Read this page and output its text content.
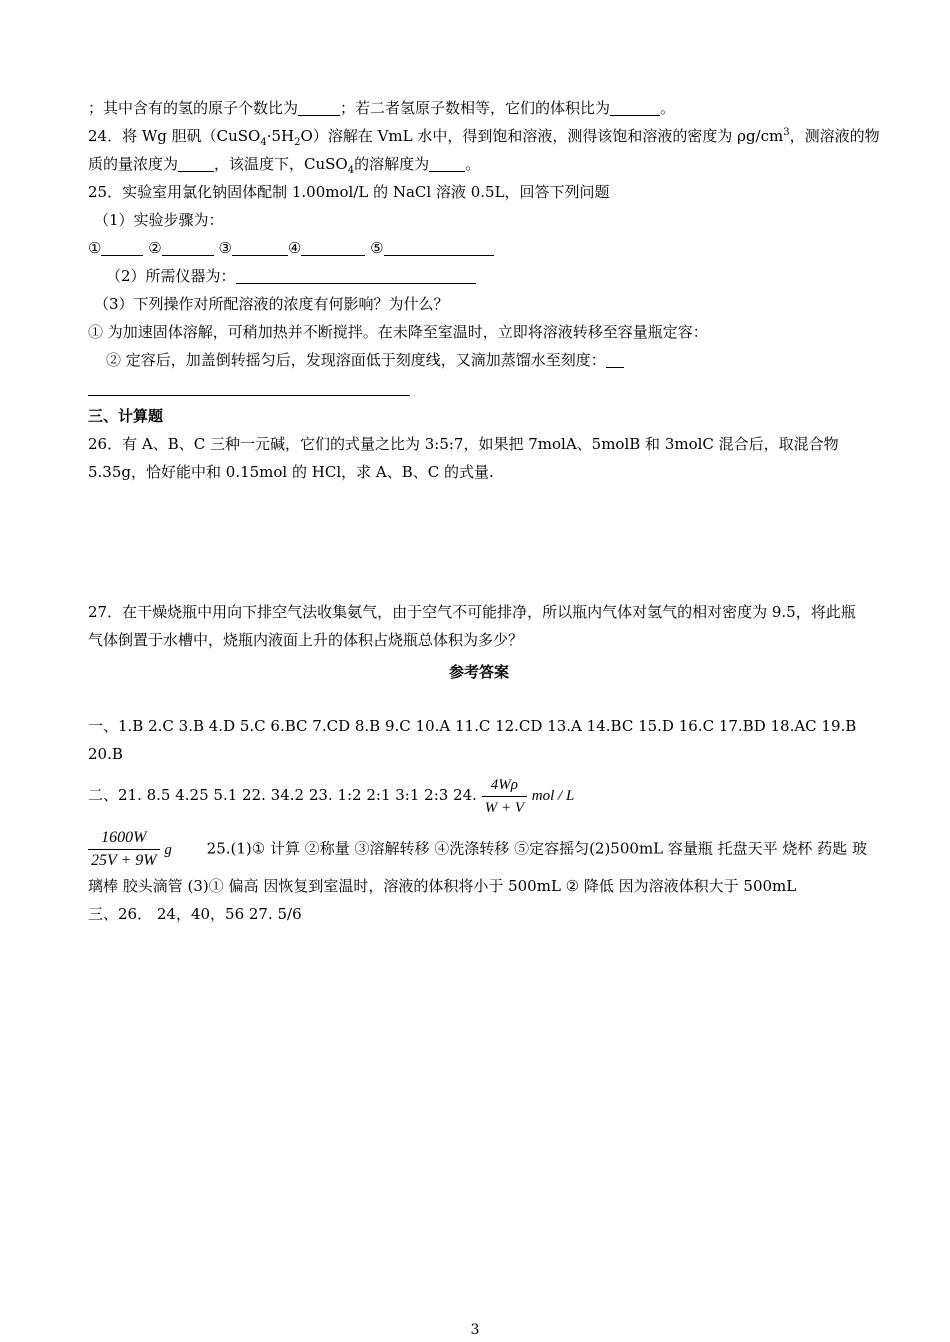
；其中含有的氢的原子个数比为	；若二者氢原子数相等，它们的体积比为	。
24．将 Wg 胆矾$(CuSO_4\cdot 5H_2O)$溶解在 VmL 水中，得到饱和溶液，测得该饱和溶液的密度为 $\rho g/cm^3$，测溶液的物
质的量浓度为 ，该温度下，CuSO$_4$的溶解度为 。
25．实验室用氯化钠固体配制 1.00mol/L 的 NaCl 溶液 0.5L，回答下列问题
（1）实验步骤为：
①	②	③	④	⑤
（2）所需仪器为：
（3）下列操作对所配溶液的浓度有何影响？为什么？
① 为加速固体溶解，可稍加热并不断搅拌。在未降至室温时，立即将溶液转移至容量瓶定容：
② 定容后，加盖倒转摇匀后，发现溶面低于刻度线，又滴加蒸馏水至刻度：
三、计算题
26．有 A、B、C 三种一元碱，它们的式量之比为 3:5:7，如果把 7molA、5molB 和 3molC 混合后，取混合物 5.35g，恰好能中和 0.15mol 的 HCl，求 A、B、C 的式量.
27．在干燥烧瓶中用向下排空气法收集氨气，由于空气不可能排净，所以瓶内气体对氢气的相对密度为 9.5，将此瓶气体倒置于水槽中，烧瓶内液面上升的体积占烧瓶总体积为多少？
参考答案
一、1.B 2.C 3.B 4.D 5.C 6.BC 7.CD 8.B 9.C 10.A 11.C 12.CD 13.A 14.BC 15.D 16.C 17.BD 18.AC 19.B
20.B
二、21. 8.5 4.25 5.1 22. 34.2 23. 1:2 2:1 3:1 2:3 24. $\frac{4W\rho}{W + V}$ mol / L
$\frac{1600W}{25V + 9W}$ g 25.(1)① 计算 ②称量 ③溶解转移 ④洗涤转移 ⑤定容摇匀(2)500mL 容量瓶 托盘天平 烧杯 药匙 玻璃棒 胶头滴管 (3)① 偏高 因恢复到室温时，溶液的体积将小于 500mL ② 降低 因为溶液体积大于 500mL
三、26． 24，40，56 27. 5/6
3
